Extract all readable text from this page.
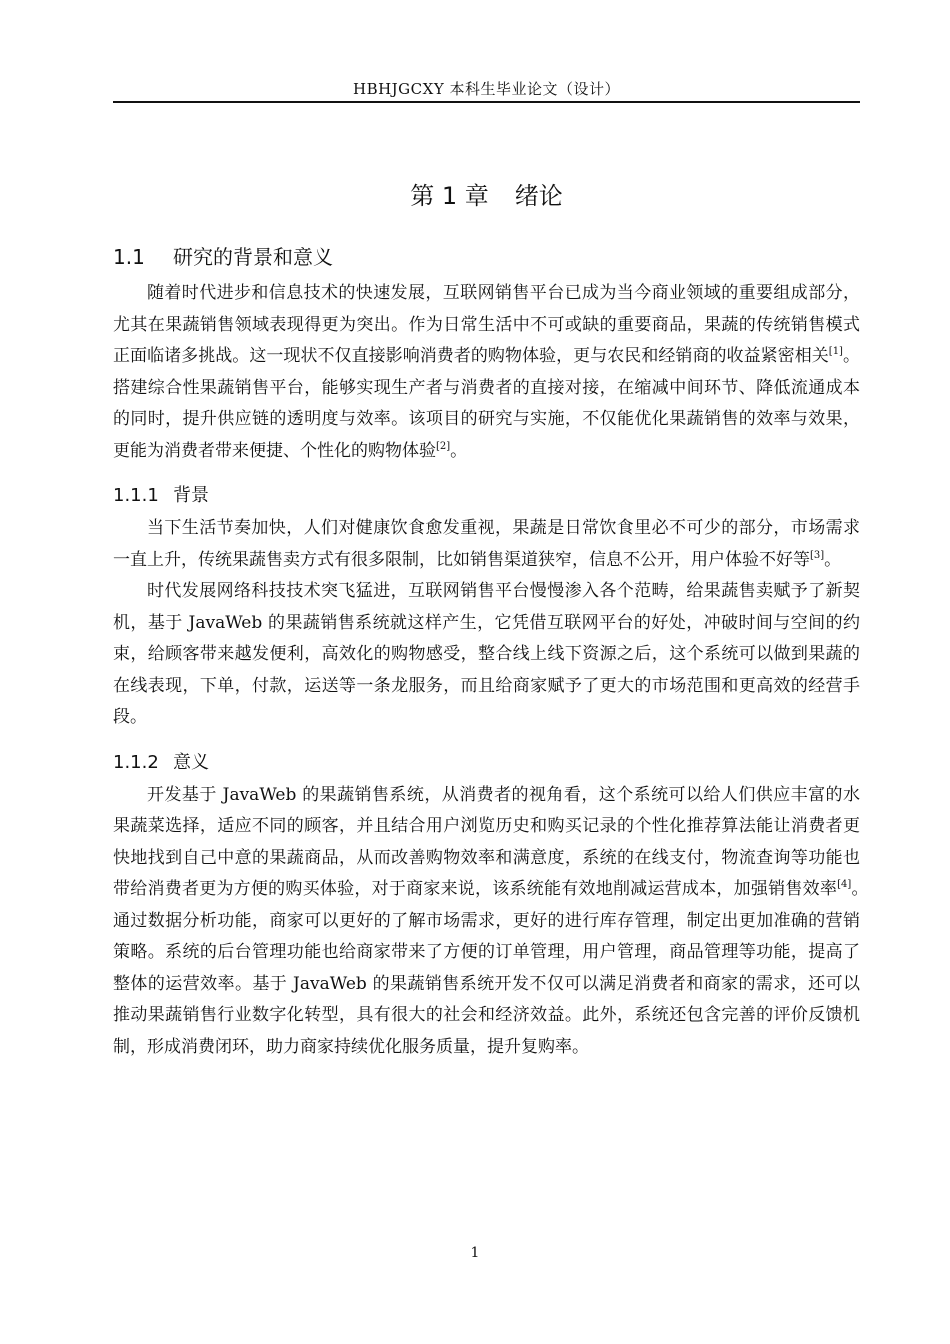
HBHJGCXY 本科生毕业论文（设计）
第 1 章 绪论
1.1 研究的背景和意义

随着时代进步和信息技术的快速发展，互联网销售平台已成为当今商业领域的重要组成部分，尤其在果蔬销售领域表现得更为突出。作为日常生活中不可或缺的重要商品，果蔬的传统销售模式正面临诸多挑战。这一现状不仅直接影响消费者的购物体验，更与农民和经销商的收益紧密相关[1]。搭建综合性果蔬销售平台，能够实现生产者与消费者的直接对接，在缩减中间环节、降低流通成本的同时，提升供应链的透明度与效率。该项目的研究与实施，不仅能优化果蔬销售的效率与效果，更能为消费者带来便捷、个性化的购物体验[2]。

1.1.1 背景

当下生活节奏加快，人们对健康饮食愈发重视，果蔬是日常饮食里必不可少的部分，市场需求一直上升，传统果蔬售卖方式有很多限制，比如销售渠道狭窄，信息不公开，用户体验不好等[3]。

时代发展网络科技技术突飞猛进，互联网销售平台慢慢渗入各个范畴，给果蔬售卖赋予了新契机，基于 JavaWeb 的果蔬销售系统就这样产生，它凭借互联网平台的好处，冲破时间与空间的约束，给顾客带来越发便利，高效化的购物感受，整合线上线下资源之后，这个系统可以做到果蔬的在线表现，下单，付款，运送等一条龙服务，而且给商家赋予了更大的市场范围和更高效的经营手段。

1.1.2 意义

开发基于 JavaWeb 的果蔬销售系统，从消费者的视角看，这个系统可以给人们供应丰富的水果蔬菜选择，适应不同的顾客，并且结合用户浏览历史和购买记录的个性化推荐算法能让消费者更快地找到自己中意的果蔬商品，从而改善购物效率和满意度，系统的在线支付，物流查询等功能也带给消费者更为方便的购买体验，对于商家来说，该系统能有效地削减运营成本，加强销售效率[4]。　通过数据分析功能，商家可以更好的了解市场需求，更好的进行库存管理，制定出更加准确的营销策略。系统的后台管理功能也给商家带来了方便的订单管理，用户管理，商品管理等功能，提高了整体的运营效率。基于 JavaWeb 的果蔬销售系统开发不仅可以满足消费者和商家的需求，还可以推动果蔬销售行业数字化转型，具有很大的社会和经济效益。此外，系统还包含完善的评价反馈机制，形成消费闭环，助力商家持续优化服务质量，提升复购率。

1
